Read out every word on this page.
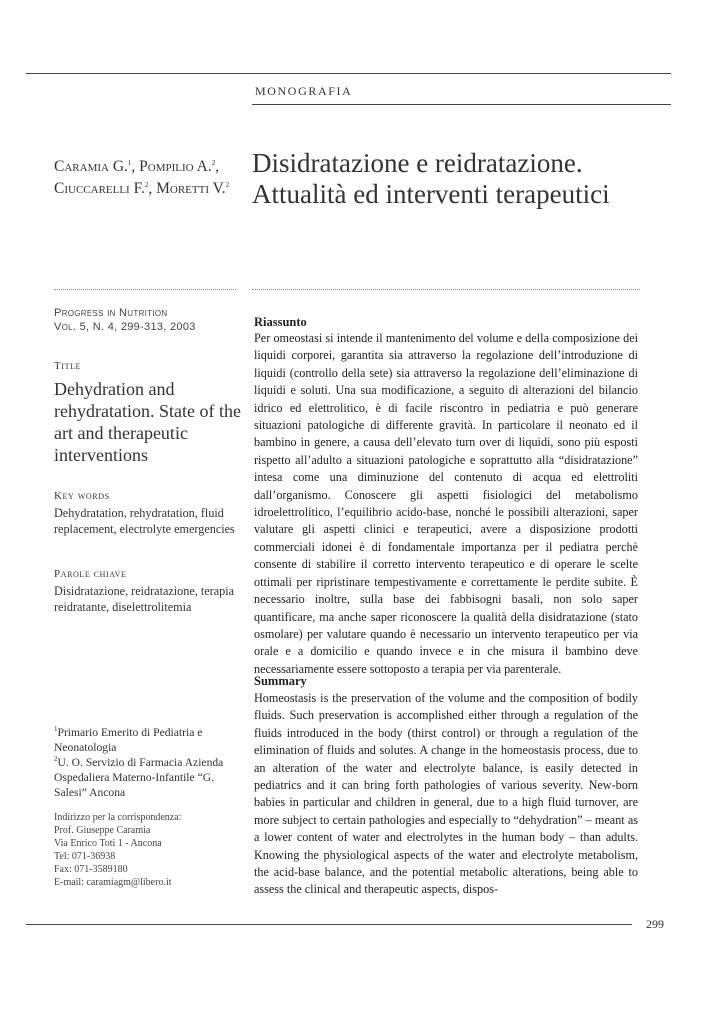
MONOGRAFIA
Caramia G.$^1$, Pompilio A.$^2$,
Ciuccarelli F.$^2$, Moretti V.$^2$
Disidratazione e reidratazione.
Attualità ed interventi terapeutici
Progress in Nutrition
Vol. 5, N. 4, 299-313, 2003
Title
Dehydration and rehydratation. State of the art and therapeutic interventions
Key words
Dehydratation, rehydratation, fluid replacement, electrolyte emergencies
Parole chiave
Disidratazione, reidratazione, terapia reidratante, diselettrolitemia
$^1$Primario Emerito di Pediatria e Neonatologia
$^2$U. O. Servizio di Farmacia Azienda Ospedaliera Materno-Infantile “G. Salesi” Ancona
Indirizzo per la corrispondenza:
Prof. Giuseppe Caramia
Via Enrico Toti 1 - Ancona
Tel: 071-36938
Fax: 071-3589180
E-mail: caramiagm@libero.it
Riassunto
Per omeostasi si intende il mantenimento del volume e della composizione dei liquidi corporei, garantita sia attraverso la regolazione dell’introduzione di liquidi (controllo della sete) sia attraverso la regolazione dell’eliminazione di liquidi e soluti. Una sua modificazione, a seguito di alterazioni del bilancio idrico ed elettrolitico, è di facile riscontro in pediatria e può generare situazioni patologiche di differente gravità. In particolare il neonato ed il bambino in genere, a causa dell’elevato turn over di liquidi, sono più esposti rispetto all’adulto a situazioni patologiche e soprattutto alla “disidratazione” intesa come una diminuzione del contenuto di acqua ed elettroliti dall’organismo. Conoscere gli aspetti fisiologici del metabolismo idroelettrolitico, l’equilibrio acido-base, nonché le possibili alterazioni, saper valutare gli aspetti clinici e terapeutici, avere a disposizione prodotti commerciali idonei è di fondamentale importanza per il pediatra perchè consente di stabilire il corretto intervento terapeutico e di operare le scelte ottimali per ripristinare tempestivamente e correttamente le perdite subite. È necessario inoltre, sulla base dei fabbisogni basali, non solo saper quantificare, ma anche saper riconoscere la qualità della disidratazione (stato osmolare) per valutare quando è necessario un intervento terapeutico per via orale e a domicilio e quando invece e in che misura il bambino deve necessariamente essere sottoposto a terapia per via parenterale.
Summary
Homeostasis is the preservation of the volume and the composition of bodily fluids. Such preservation is accomplished either through a regulation of the fluids introduced in the body (thirst control) or through a regulation of the elimination of fluids and solutes. A change in the homeostasis process, due to an alteration of the water and electrolyte balance, is easily detected in pediatrics and it can bring forth pathologies of various severity. New-born babies in particular and children in general, due to a high fluid turnover, are more subject to certain pathologies and especially to “dehydration” – meant as a lower content of water and electrolytes in the human body – than adults. Knowing the physiological aspects of the water and electrolyte metabolism, the acid-base balance, and the potential metabolic alterations, being able to assess the clinical and therapeutic aspects, dispos-
299
